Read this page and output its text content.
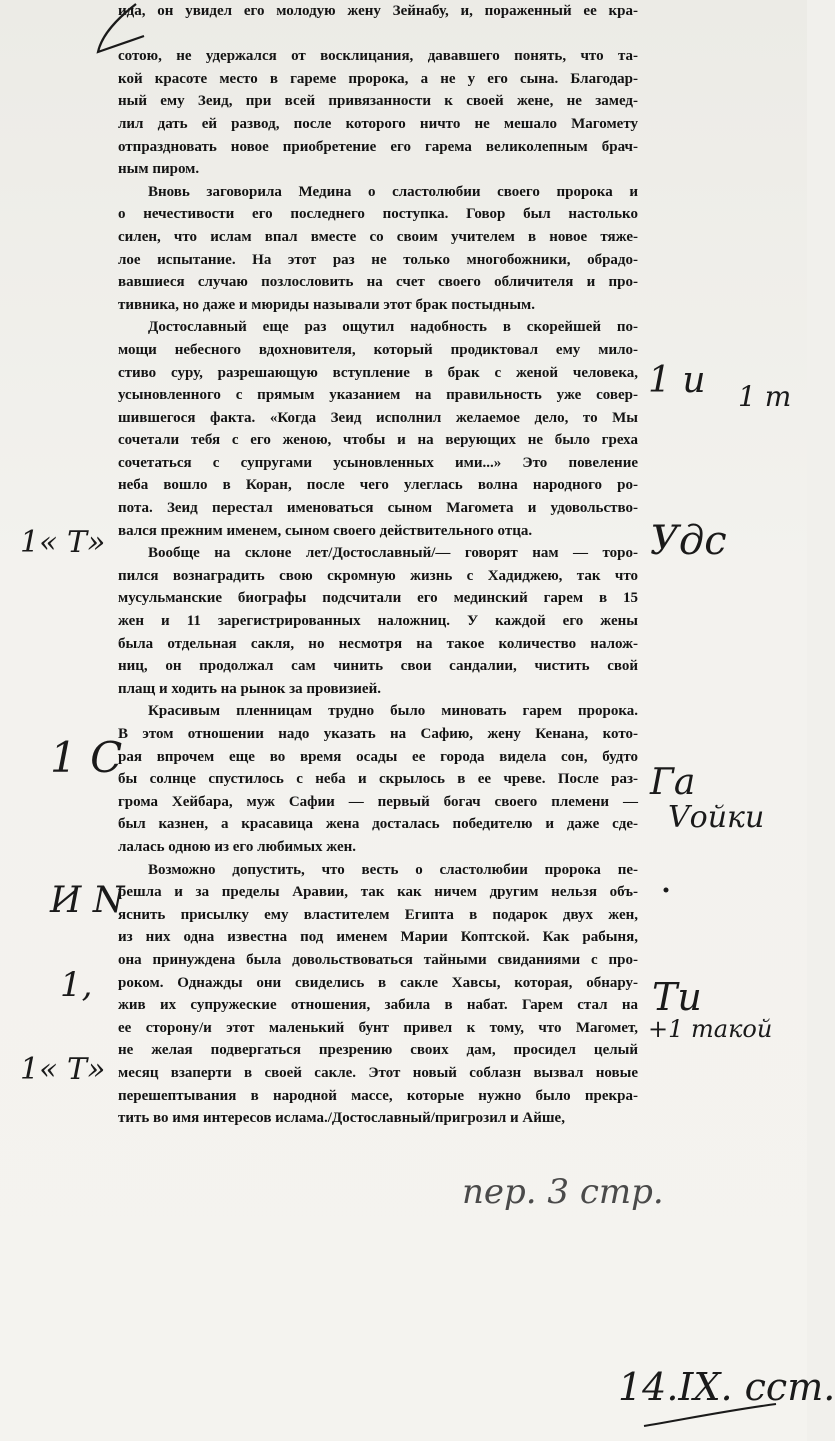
ида, он увидел его молодую жену Зейнабу, и, пораженный ее кра-
сотою, не удержался от восклицания, дававшего понять, что та-
кой красоте место в гареме пророка, а не у его сына. Благодар-
ный ему Зеид, при всей привязанности к своей жене, не замед-
лил дать ей развод, после которого ничто не мешало Магомету
отпраздновать новое приобретение его гарема великолепным брач-
ным пиром.
Вновь заговорила Медина о сластолюбии своего пророка и
о нечестивости его последнего поступка. Говор был настолько
силен, что ислам впал вместе со своим учителем в новое тяже-
лое испытание. На этот раз не только многобожники, обрадо-
вавшиеся случаю позлословить на счет своего обличителя и про-
тивника, но даже и мюриды называли этот брак постыдным.
Достославный еще раз ощутил надобность в скорейшей по-
мощи небесного вдохновителя, который продиктовал ему мило-
стиво суру, разрешающую вступление в брак с женой человека,
усыновленного с прямым указанием на правильность уже совер-
шившегося факта. «Когда Зеид исполнил желаемое дело, то Мы
сочетали тебя с его женою, чтобы и на верующих не было греха
сочетаться с супругами усыновленных ими...» Это повеление
неба вошло в Коран, после чего улеглась волна народного ро-
пота. Зеид перестал именоваться сыном Магомета и удовольство-
вался прежним именем, сыном своего действительного отца.
Вообще на склоне лет/Достославный/— говорят нам — торо-
пился вознаградить свою скромную жизнь с Хадиджею, так что
мусульманские биографы подсчитали его мединский гарем в 15
жен и 11 зарегистрированных наложниц. У каждой его жены
была отдельная сакля, но несмотря на такое количество налож-
ниц, он продолжал сам чинить свои сандалии, чистить свой
плащ и ходить на рынок за провизией.
Красивым пленницам трудно было миновать гарем пророка.
В этом отношении надо указать на Сафию, жену Кенана, кото-
рая впрочем еще во время осады ее города видела сон, будто
бы солнце спустилось с неба и скрылось в ее чреве. После раз-
грома Хейбара, муж Сафии — первый богач своего племени —
был казнен, а красавица жена досталась победителю и даже сде-
лалась одною из его любимых жен.
Возможно допустить, что весть о сластолюбии пророка пе-
решла и за пределы Аравии, так как ничем другим нельзя объ-
яснить присылку ему властителем Египта в подарок двух жен,
из них одна известна под именем Марии Коптской. Как рабыня,
она принуждена была довольствоваться тайными свиданиями с про-
роком. Однажды они свиделись в сакле Хавсы, которая, обнару-
жив их супружеские отношения, забила в набат. Гарем стал на
ее сторону/и этот маленький бунт привел к тому, что Магомет,
не желая подвергаться презрению своих дам, просидел целый
месяц взаперти в своей сакле. Этот новый соблазн вызвал новые
перешептывания в народной массе, которые нужно было прекра-
тить во имя интересов ислама./Достославный/пригрозил и Айше,
1 и 1 т
1« Т»	Удс
1 С
Га
Vойки
И N
1,	Ти
+1 такой
1« Т»
пер. 3 стр.
14.IX. сст.
